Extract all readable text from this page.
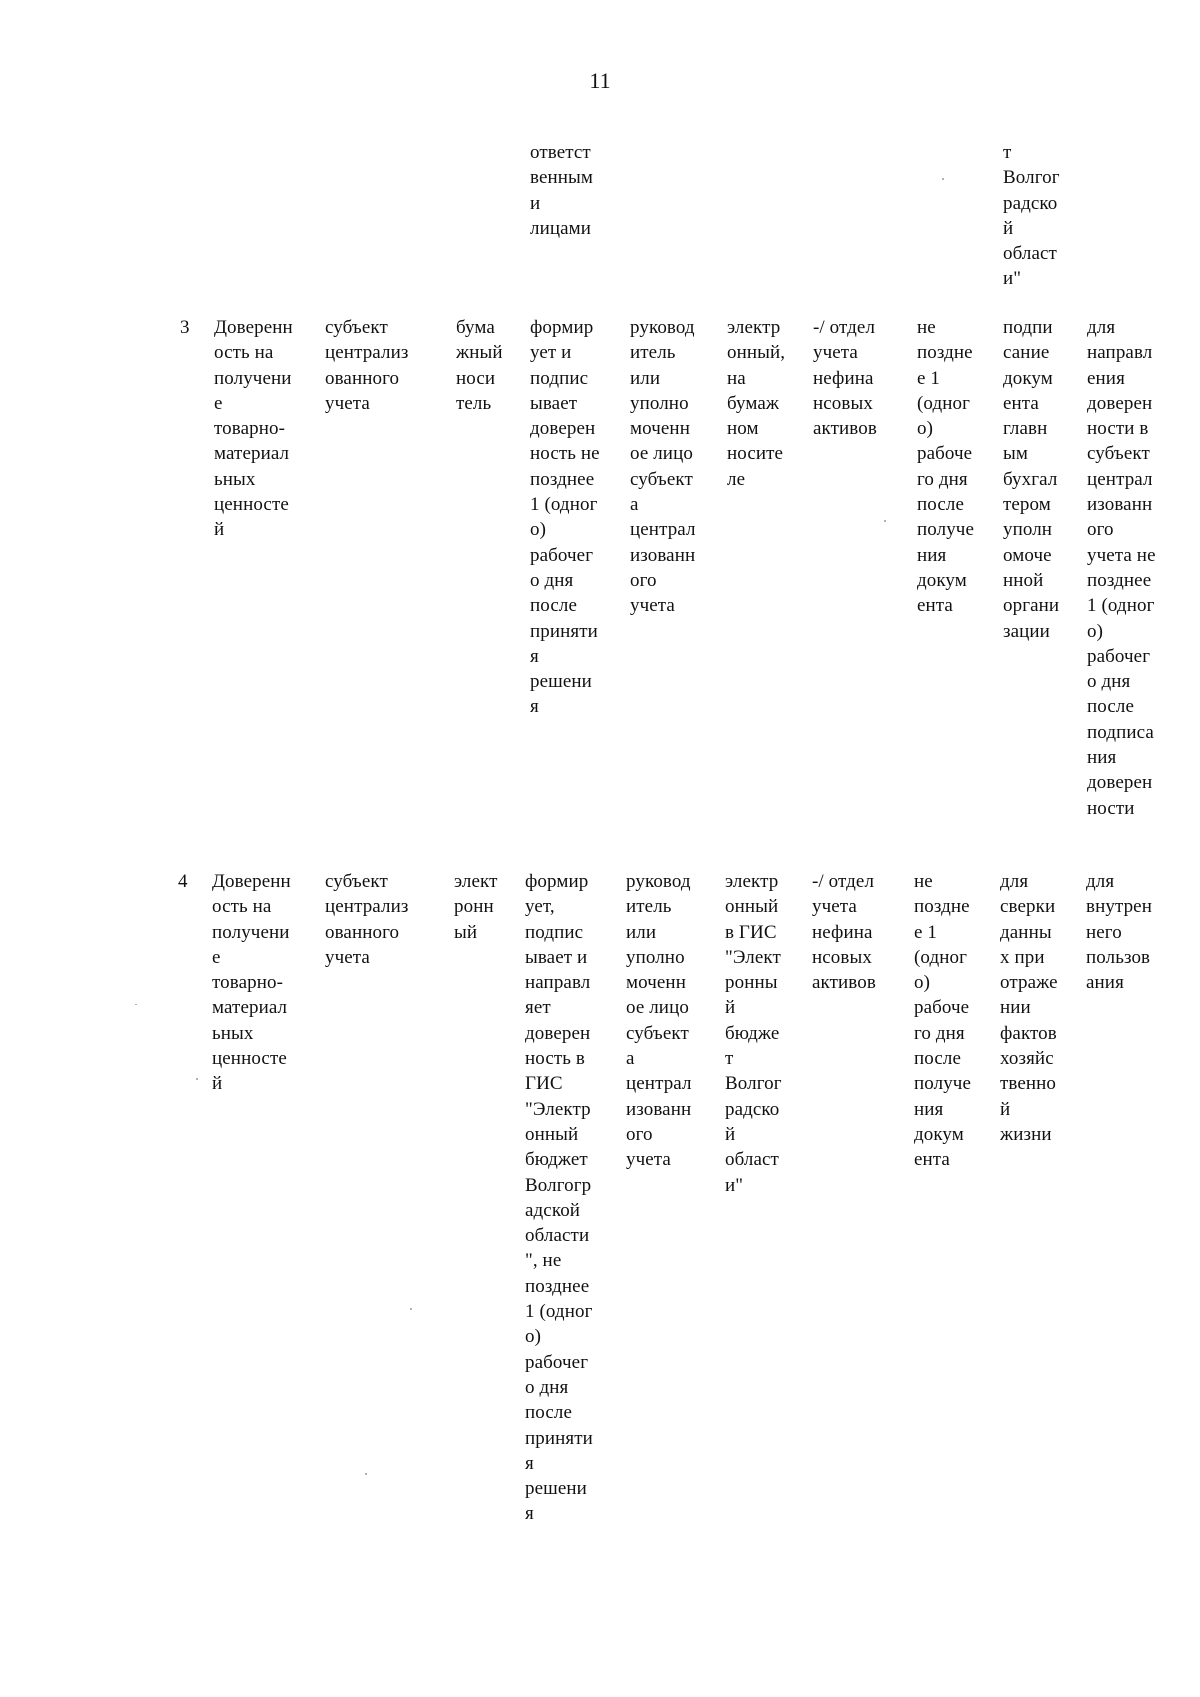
11
ответст
венным
и
лицами
т
Волгог
радско
й
област
и"
3 Доверенн
ость на
получени
е
товарно-
материал
ьных
ценносте
й
субъект
централиз
ованного
учета
бума
жный
носи
тель
формир
ует и
подпис
ывает
доверен
ность не
позднее
1 (одног
о)
рабочег
о дня
после
приняти
я
решени
я
руковод
итель
или
уполно
моченн
ое лицо
субъект
а
централ
изованн
ого
учета
электр
онный,
на
бумаж
ном
носите
ле
-/ отдел
учета
нефина
нсовых
активов
не
поздне
е 1
(одног
о)
рабоче
го дня
после
получе
ния
докум
ента
подпи
сание
докум
ента
главн
ым
бухгал
тером
уполн
омоче
нной
органи
зации
для
направл
ения
доверен
ности в
субъект
централ
изованн
ого
учета не
позднее
1 (одног
о)
рабочег
о дня
после
подписа
ния
доверен
ности
4 Доверенн
ость на
получени
е
товарно-
материал
ьных
ценносте
й
субъект
централиз
ованного
учета
элект
ронн
ый
формир
ует,
подпис
ывает и
направл
яет
доверен
ность в
ГИС
"Электр
онный
бюджет
Волгогр
адской
области
", не
позднее
1 (одног
о)
рабочег
о дня
после
приняти
я
решени
я
руковод
итель
или
уполно
моченн
ое лицо
субъект
а
централ
изованн
ого
учета
электр
онный
в ГИС
"Элект
ронны
й
бюдже
т
Волгог
радско
й
област
и"
-/ отдел
учета
нефина
нсовых
активов
не
поздне
е 1
(одног
о)
рабоче
го дня
после
получе
ния
докум
ента
для
сверки
данны
х при
отраже
нии
фактов
хозяйс
твенно
й
жизни
для
внутрен
него
пользов
ания
